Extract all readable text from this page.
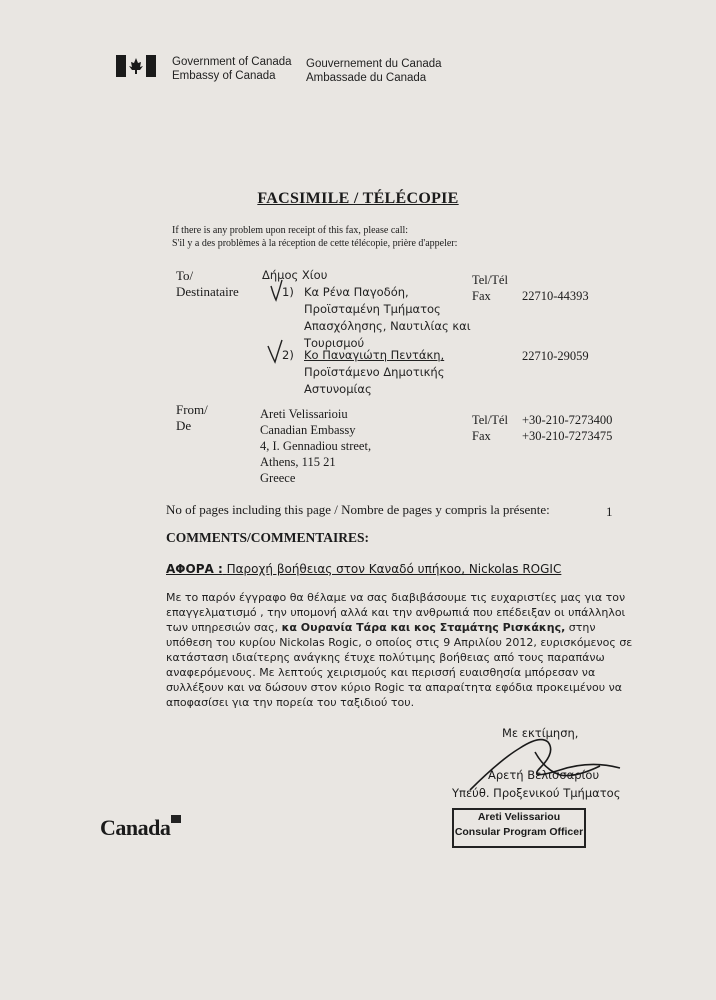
Government of Canada
Embassy of Canada
Gouvernement du Canada
Ambassade du Canada
FACSIMILE / TÉLÉCOPIE
If there is any problem upon receipt of this fax, please call:
S'il y a des problèmes à la réception de cette télécopie, prière d'appeler:
To/
Destinataire
Δήμος Χίου
1) Κα Ρένα Παγοδόη,
Προϊσταμένη Τμήματος
Απασχόλησης, Ναυτιλίας και
Τουρισμού
2) Κο Παναγιώτη Πεντάκη,
Προϊστάμενο Δημοτικής
Αστυνομίας
Tel/Tél
Fax	22710-44393
22710-29059
From/
De
Areti Velissarioiu
Canadian Embassy
4, I. Gennadiou street,
Athens, 115 21
Greece
Tel/Tél +30-210-7273400
Fax	+30-210-7273475
No of pages including this page / Nombre de pages y compris la présente:	1
COMMENTS/COMMENTAIRES:
ΑΦΟΡΑ : Παροχή βοήθειας στον Καναδό υπήκοο, Nickolas ROGIC
Με το παρόν έγγραφο θα θέλαμε να σας διαβιβάσουμε τις ευχαριστίες μας για τον επαγγελματισμό , την υπομονή αλλά και την ανθρωπιά που επέδειξαν οι υπάλληλοι των υπηρεσιών σας, κα Ουρανία Τάρα και κος Σταμάτης Ρισκάκης, στην υπόθεση του κυρίου Nickolas Rogic, ο οποίος στις 9 Απριλίου 2012, ευρισκόμενος σε κατάσταση ιδιαίτερης ανάγκης έτυχε πολύτιμης βοήθειας από τους παραπάνω αναφερόμενους. Με λεπτούς χειρισμούς και περισσή ευαισθησία μπόρεσαν να συλλέξουν και να δώσουν στον κύριο Rogic τα απαραίτητα εφόδια προκειμένου να αποφασίσει για την πορεία του ταξιδιού του.
Με εκτίμηση,
Αρετή Βελισσαρίου
Υπεύθ. Προξενικού Τμήματος
Areti Velissariou
Consular Program Officer
Canada
